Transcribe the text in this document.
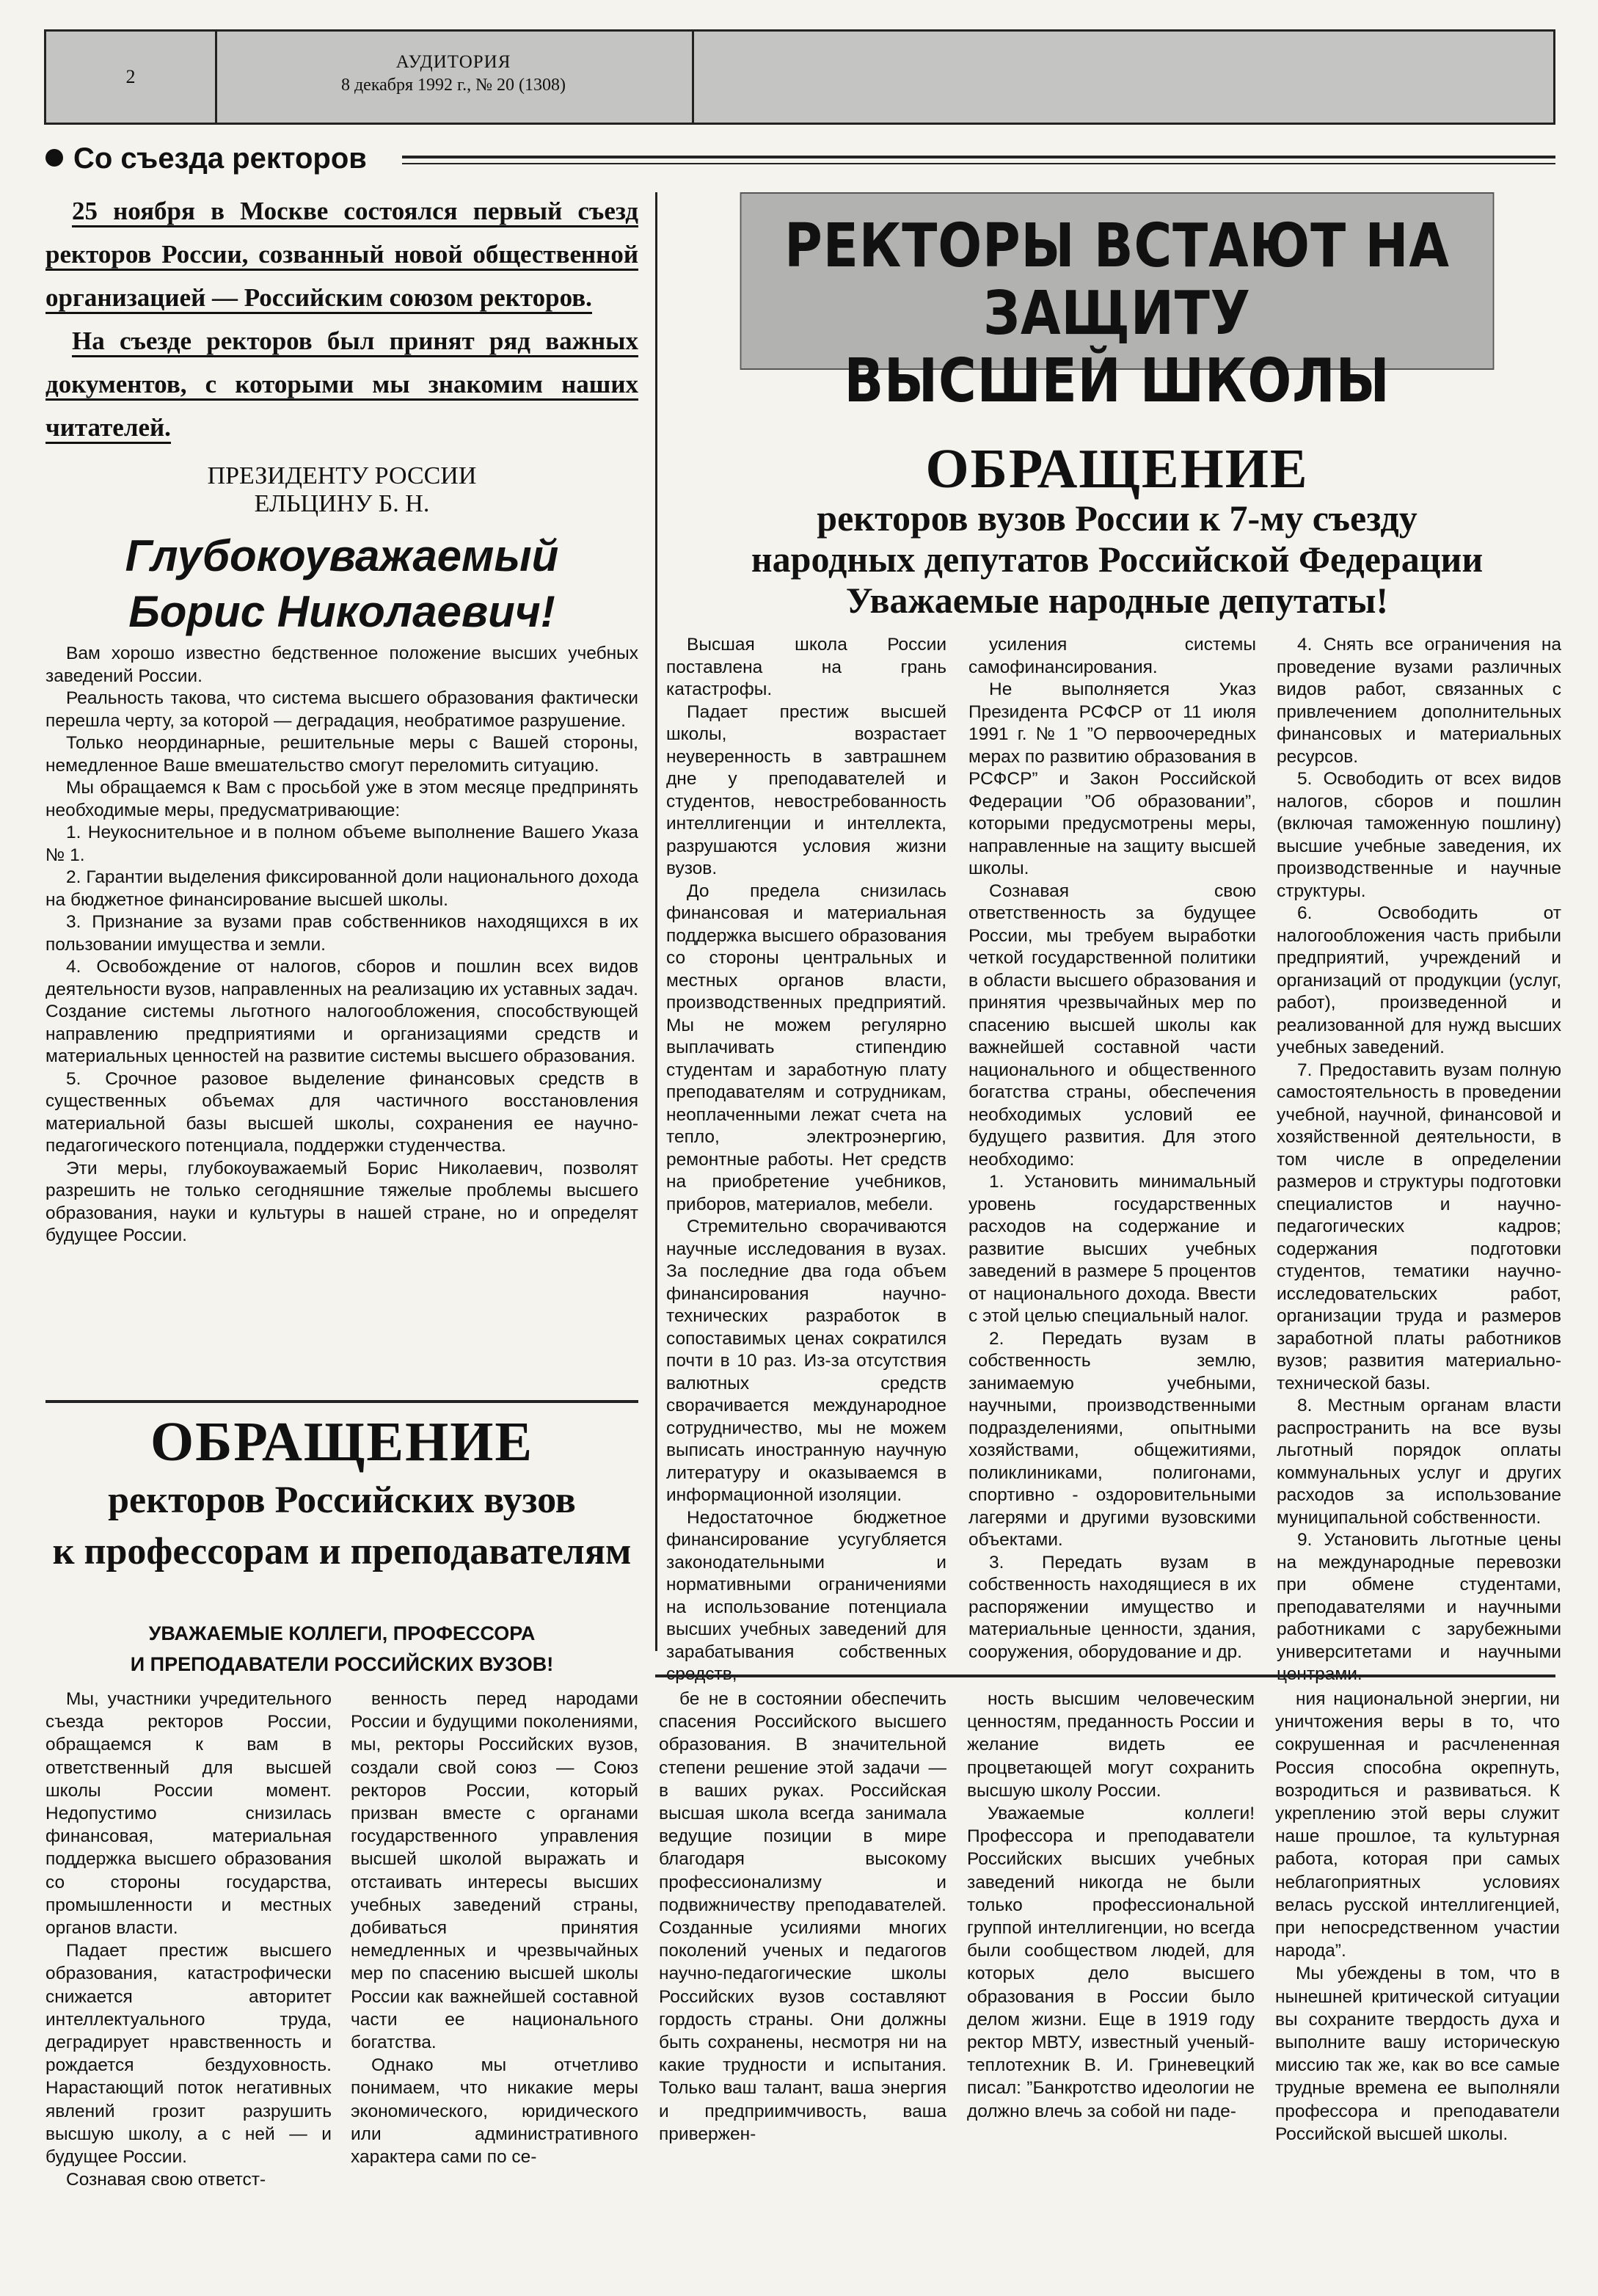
2
АУДИТОРИЯ
8 декабря 1992 г., № 20 (1308)
Со съезда ректоров

25 ноября в Москве состоялся первый съезд ректоров России, созванный новой общественной организацией — Российским союзом ректоров.

На съезде ректоров был принят ряд важных документов, с которыми мы знакомим наших читателей.

РЕКТОРЫ ВСТАЮТ НА ЗАЩИТУ
ВЫСШЕЙ ШКОЛЫ
ПРЕЗИДЕНТУ РОССИИ
ЕЛЬЦИНУ Б. Н.
Глубокоуважаемый
Борис Николаевич!

Вам хорошо известно бедственное положение высших учебных заведений России.

Реальность такова, что система высшего образования фактически перешла черту, за которой — деградация, необратимое разрушение.

Только неординарные, решительные меры с Вашей стороны, немедленное Ваше вмешательство смогут переломить ситуацию.

Мы обращаемся к Вам с просьбой уже в этом месяце предпринять необходимые меры, предусматривающие:

1. Неукоснительное и в полном объеме выполнение Вашего Указа № 1.

2. Гарантии выделения фиксированной доли национального дохода на бюджетное финансирование высшей школы.

3. Признание за вузами прав собственников находящихся в их пользовании имущества и земли.

4. Освобождение от налогов, сборов и пошлин всех видов деятельности вузов, направленных на реализацию их уставных задач. Создание системы льготного налогообложения, способствующей направлению предприятиями и организациями средств и материальных ценностей на развитие системы высшего образования.

5. Срочное разовое выделение финансовых средств в существенных объемах для частичного восстановления материальной базы высшей школы, сохранения ее научно-педагогического потенциала, поддержки студенчества.

Эти меры, глубокоуважаемый Борис Николаевич, позволят разрешить не только сегодняшние тяжелые проблемы высшего образования, науки и культуры в нашей стране, но и определят будущее России.

ОБРАЩЕНИЕ
ректоров вузов России к 7-му съезду
народных депутатов Российской Федерации
Уважаемые народные депутаты!

Высшая школа России поставлена на грань катастрофы.

Падает престиж высшей школы, возрастает неуверенность в завтрашнем дне у преподавателей и студентов, невостребованность интеллигенции и интеллекта, разрушаются условия жизни вузов.

До предела снизилась финансовая и материальная поддержка высшего образования со стороны центральных и местных органов власти, производственных предприятий. Мы не можем регулярно выплачивать стипендию студентам и заработную плату преподавателям и сотрудникам, неоплаченными лежат счета на тепло, электроэнергию, ремонтные работы. Нет средств на приобретение учебников, приборов, материалов, мебели.

Стремительно сворачиваются научные исследования в вузах. За последние два года объем финансирования научно-технических разработок в сопоставимых ценах сократился почти в 10 раз. Из-за отсутствия валютных средств сворачивается международное сотрудничество, мы не можем выписать иностранную научную литературу и оказываемся в информационной изоляции.

Недостаточное бюджетное финансирование усугубляется законодательными и нормативными ограничениями на использование потенциала высших учебных заведений для зарабатывания собственных

усиления системы самофинансирования.

Не выполняется Указ Президента РСФСР от 11 июля 1991 г. № 1 ”О первоочередных мерах по развитию образования в РСФСР” и Закон Российской Федерации ”Об образовании”, которыми предусмотрены меры, направленные на защиту высшей школы.

Сознавая свою ответственность за будущее России, мы требуем выработки четкой государственной политики в области высшего образования и принятия чрезвычайных мер по спасению высшей школы как важнейшей составной части национального и общественного богатства страны, обеспечения необходимых условий ее будущего развития. Для этого необходимо:

1. Установить минимальный уровень государственных расходов на содержание и развитие высших учебных заведений в размере 5 процентов от национального дохода. Ввести с этой целью специальный налог.

2. Передать вузам в собственность землю, занимаемую учебными, научными, производственными подразделениями, опытными хозяйствами, общежитиями, поликлиниками, полигонами, спортивно - оздоровительными лагерями и другими вузовскими объектами.

3. Передать вузам в собственность находящиеся в их распоряжении имущество и материальные ценности, здания, сооружения, оборудование и др.

4. Снять все ограничения на проведение вузами различных видов работ, связанных с привлечением дополнительных финансовых и материальных ресурсов.

5. Освободить от всех видов налогов, сборов и пошлин (включая таможенную пошлину) высшие учебные заведения, их производственные и научные структуры.

6. Освободить от налогообложения часть прибыли предприятий, учреждений и организаций от продукции (услуг, работ), произведенной и реализованной для нужд высших учебных заведений.

7. Предоставить вузам полную самостоятельность в проведении учебной, научной, финансовой и хозяйственной деятельности, в том числе в определении размеров и структуры подготовки специалистов и научно-педагогических кадров; содержания подготовки студентов, тематики научно-исследовательских работ, организации труда и размеров заработной платы работников вузов; развития материально-технической базы.

8. Местным органам власти распространить на все вузы льготный порядок оплаты коммунальных услуг и других расходов за использование муниципальной собственности.

9. Установить льготные цены на международные перевозки при обмене студентами, преподавателями и научными работниками с зарубежными университетами и научными

ОБРАЩЕНИЕ
ректоров Российских вузов
к профессорам и преподавателям
УВАЖАЕМЫЕ КОЛЛЕГИ, ПРОФЕССОРА
И ПРЕПОДАВАТЕЛИ РОССИЙСКИХ ВУЗОВ!

Мы, участники учредительного съезда ректоров России, обращаемся к вам в ответственный для высшей школы России момент. Недопустимо снизилась финансовая, материальная поддержка высшего образования со стороны государства, промышленности и местных органов власти.

Падает престиж высшего образования, катастрофически снижается авторитет интеллектуального труда, деградирует нравственность и рождается бездуховность. Нарастающий поток негативных явлений грозит разрушить высшую школу, а с ней — и будущее России.

Сознавая свою ответст-

венность перед народами России и будущими поколениями, мы, ректоры Российских вузов, создали свой союз — Союз ректоров России, который призван вместе с органами государственного управления высшей школой выражать и отстаивать интересы высших учебных заведений страны, добиваться принятия немедленных и чрезвычайных мер по спасению высшей школы России как важнейшей составной части ее национального богатства.

Однако мы отчетливо понимаем, что никакие меры экономического, юридического или административного характера сами по се-

бе не в состоянии обеспечить спасения Российского высшего образования. В значительной степени решение этой задачи — в ваших руках. Российская высшая школа всегда занимала ведущие позиции в мире благодаря высокому профессионализму и подвижничеству преподавателей. Созданные усилиями многих поколений ученых и педагогов научно-педагогические школы Российских вузов составляют гордость страны. Они должны быть сохранены, несмотря ни на какие трудности и испытания. Только ваш талант, ваша энергия и предприимчивость, ваша привержен-

ность высшим человеческим ценностям, преданность России и желание видеть ее процветающей могут сохранить высшую школу России.

Уважаемые коллеги! Профессора и преподаватели Российских высших учебных заведений никогда не были только профессиональной группой интеллигенции, но всегда были сообществом людей, для которых дело высшего образования в России было делом жизни. Еще в 1919 году ректор МВТУ, известный ученый-теплотехник В. И. Гриневецкий писал: ”Банкротство идеологии не должно влечь за собой ни паде-

ния национальной энергии, ни уничтожения веры в то, что сокрушенная и расчлененная Россия способна окрепнуть, возродиться и развиваться. К укреплению этой веры служит наше прошлое, та культурная работа, которая при самых неблагоприятных условиях велась русской интеллигенцией, при непосредственном участии народа”.

Мы убеждены в том, что в нынешней критической ситуации вы сохраните твердость духа и выполните вашу историческую миссию так же, как во все самые трудные времена ее выполняли профессора и преподаватели Российской высшей школы.
